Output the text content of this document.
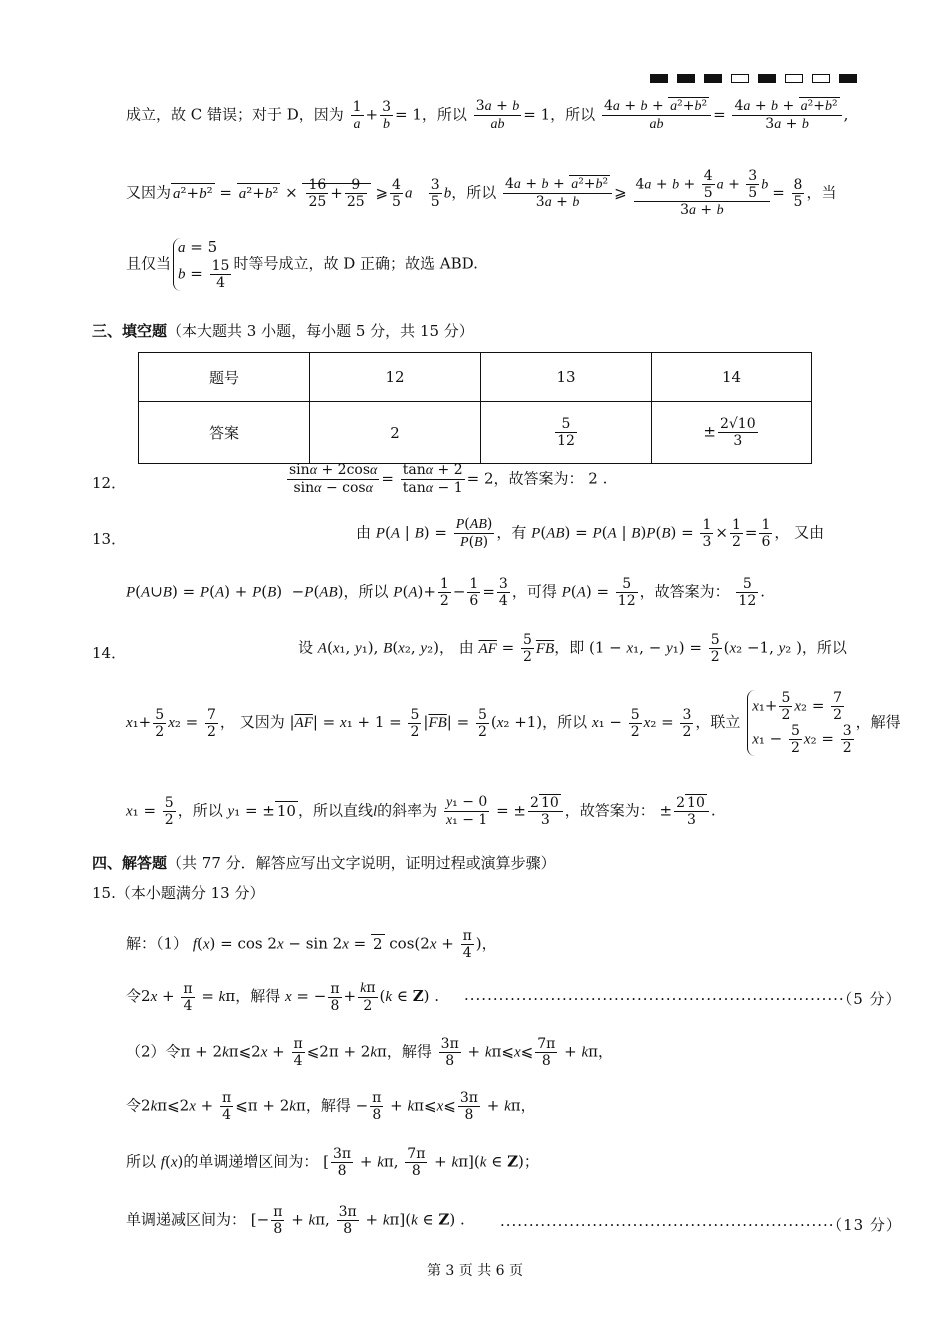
成立，故 C 错误；对于 D，因为 $\frac{1}{a} + \frac{3}{b} = 1$，所以 $\frac{3a + b}{ab} = 1$，所以 $\frac{\text{4a + b + a²+b²}}{ab} = \frac{\text{4a + b + a²+b²}}{3a + b}$ ,
又因为 $a^2+b^2 = a^2+b^2 \times \frac{16}{25} + \frac{9}{25}$ ⩾ $\frac{4}{5}$ a $\frac{3}{5}$ b，所以 $\frac{\text{4a + b + a²+b²}}{3a + b}$ ⩾ $\frac{4a + b + \frac{4}{5} a + \frac{3}{5} b}{3a + b} = \frac{8}{5}$ ，当
且仅当a = 5
$b = \frac{15}{4}$ 时等号成立，故 D 正确；故选 ABD.
三、填空题（本大题共 3 小题，每小题 5 分，共 15 分）
题号	12	13	14
答案	2	$\frac{5}{12}$	± $\frac{2√10}{3}$
12．	$\frac{\sin\alpha + 2\cos\alpha}{\sin\alpha - \cos\alpha} = \frac{\tan\alpha + 2}{\tan\alpha - 1} = 2$，故答案为： 2 .
13．	由 P(A | $B) = \frac{P(AB)}{P(B)}$ ，有 P(AB) = P(A | $B)P(B) = \frac{1}{3} \times \frac{1}{2} = \frac{1}{6}$ ， 又由
P(A∪B) = P(A) + P(B)  −P(AB)，所以 $P(A)+ \frac{1}{2} - \frac{1}{6} = \frac{3}{4}$ ，可得 $P(A) = \frac{5}{12}$ ，故答案为： $\frac{5}{12}$ .
14．	设 A(x₁, y₁), B(x₂, y₂)， 由 $\overline{AF} = \frac{5}{2} \overline{FB}$，即 (1 − x₁, − $y_1) = \frac{5}{2} (x_2 -1$, y₂ )，所以
$x_1+ \frac{5}{2} x_2 = \frac{7}{2}$ ， 又因为 $|\overline{AF}| = x_1 + 1 = \frac{5}{2} |\overline{FB}| = \frac{5}{2} (x_2 +1)$，所以 $x_1 - \frac{5}{2} x_2 = \frac{3}{2}$ ，联立 $x_1+ \frac{5}{2} x_2 = \frac{7}{2}$

$x_1 - \frac{5}{2} x_2 = \frac{3}{2}$
，解得
$x_1 = \frac{5}{2}$ ，所以 y₁ = ± 10 ，所以直线l的斜率为 $\frac{\text{y₁ − 0}}{\text{x₁ − 1}}$ = ± $\frac{2 10}{3}$ ，故答案为： ± $\frac{2 10}{3}$ .
四、解答题（共 77 分．解答应写出文字说明，证明过程或演算步骤）
15.（本小题满分 13 分）
解：（1） f(x) = cos 2x − sin 2x = 2 $\cos(2x + \frac{\pi}{4}$ )，
令$2x + \frac{\pi}{4} = k\pi$，解得 x = − $\frac{\pi}{8} + \frac{k\pi}{2} (k$ ∈ Z) . ··································································（5 分）
（2）令π + 2kπ⩽2x + $\frac{\pi}{4}$ ⩽2π + 2kπ，解得 $\frac{3\pi}{8}$ + kπ⩽x⩽ $\frac{7\pi}{8} + k\pi$，
令2kπ⩽2x + $\frac{\pi}{4}$ ⩽π + 2kπ，解得 − $\frac{\pi}{8}$ + kπ⩽x⩽ $\frac{3\pi}{8} + k\pi$，
所以 f(x)的单调递增区间为： [ $\frac{3\pi}{8} + k\pi$, $\frac{7\pi}{8} + k\pi](k$ ∈ Z)；
单调递减区间为： [− $\frac{\pi}{8} + k\pi$, $\frac{3\pi}{8} + k\pi](k$ ∈ Z) . ··························································（13 分）
第 3 页 共 6 页
